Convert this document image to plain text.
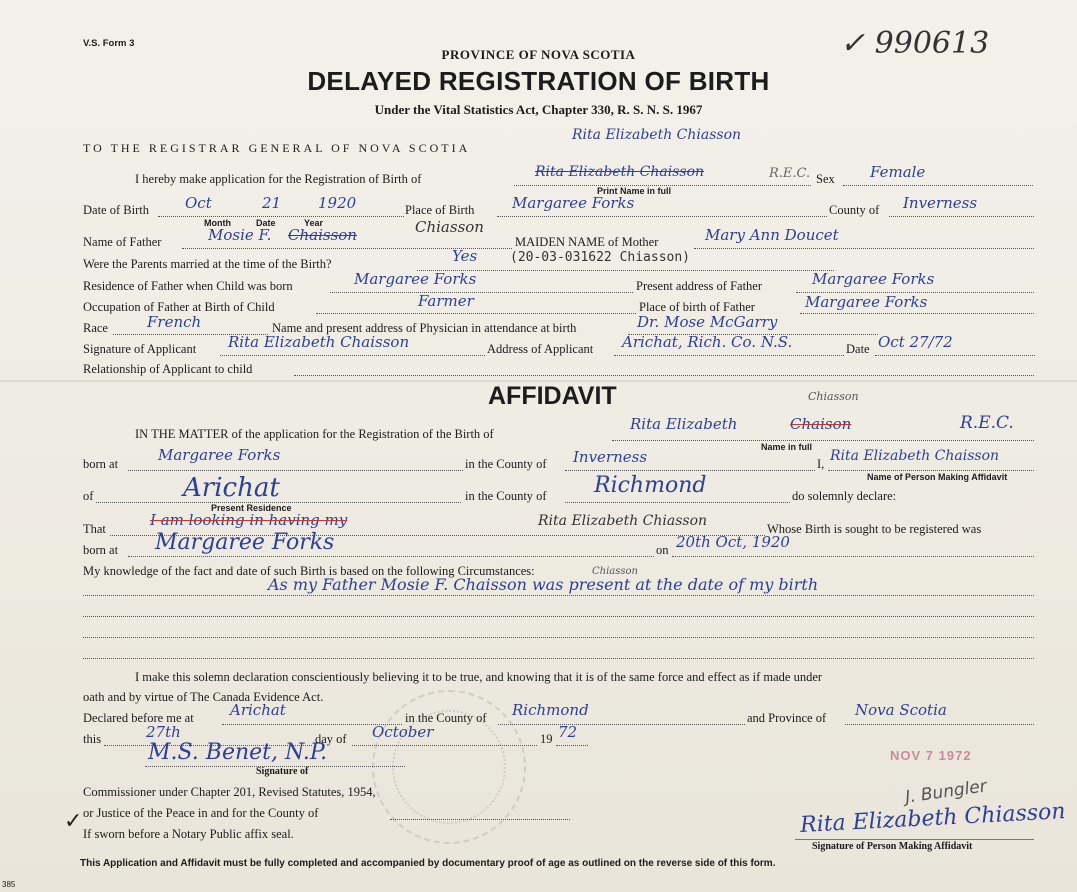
V.S. Form 3	✓ 990613
PROVINCE OF NOVA SCOTIA
DELAYED REGISTRATION OF BIRTH
Under the Vital Statistics Act, Chapter 330, R. S. N. S. 1967
TO THE REGISTRAR GENERAL OF NOVA SCOTIA
Rita Elizabeth Chiasson
I hereby make application for the Registration of Birth of	Rita Elizabeth Chaisson	R.E.C. Sex Female
Print Name in full
Date of Birth Oct	21 1920
Month	Date	Year
Place of Birth	Margaree Forks	County of Inverness
Name of Father	Mosie F. Chaisson	Chiasson
MAIDEN NAME of Mother	Mary Ann Doucet
Were the Parents married at the time of the Birth?	Yes	(20-03-031622 Chiasson)
Residence of Father when Child was born	Margaree Forks	Present address of Father	Margaree Forks
Occupation of Father at Birth of Child	Farmer	Place of birth of Father	Margaree Forks
Race	French	Name and present address of Physician in attendance at birth	Dr. Mose McGarry
Signature of Applicant Rita Elizabeth Chaisson	Address of Applicant Arichat, Rich. Co. N.S.	Date Oct 27/72
Relationship of Applicant to child
AFFIDAVIT	Chiasson
IN THE MATTER of the application for the Registration of the Birth of
Rita Elizabeth	Chaison	R.E.C.
Name in full
born at	Margaree Forks	in the County of Inverness	I, Rita Elizabeth Chaisson
Name of Person Making Affidavit
of	Arichat
Present Residence
in the County of Richmond	do solemnly declare:
That	I am looking in having my	Rita Elizabeth Chiasson	Whose Birth is sought to be registered was
born at Margaree Forks	on 20th Oct, 1920
My knowledge of the fact and date of such Birth is based on the following Circumstances:	Chiasson
As my Father Mosie F. Chaisson was present at the date of my birth
I make this solemn declaration conscientiously believing it to be true, and knowing that it is of the same force and effect as if made under
oath and by virtue of The Canada Evidence Act.
Declared before me at Arichat	in the County of Richmond	and Province of Nova Scotia
this	27th	day of October	19 72
M.S. Benet, N.P.
Signature of
NOV 7 1972
Commissioner under Chapter 201, Revised Statutes, 1954,
or Justice of the Peace in and for the County of
If sworn before a Notary Public affix seal.
✓
J. Bungler
Rita Elizabeth Chiasson
Signature of Person Making Affidavit
This Application and Affidavit must be fully completed and accompanied by documentary proof of age as outlined on the reverse side of this form.
385
